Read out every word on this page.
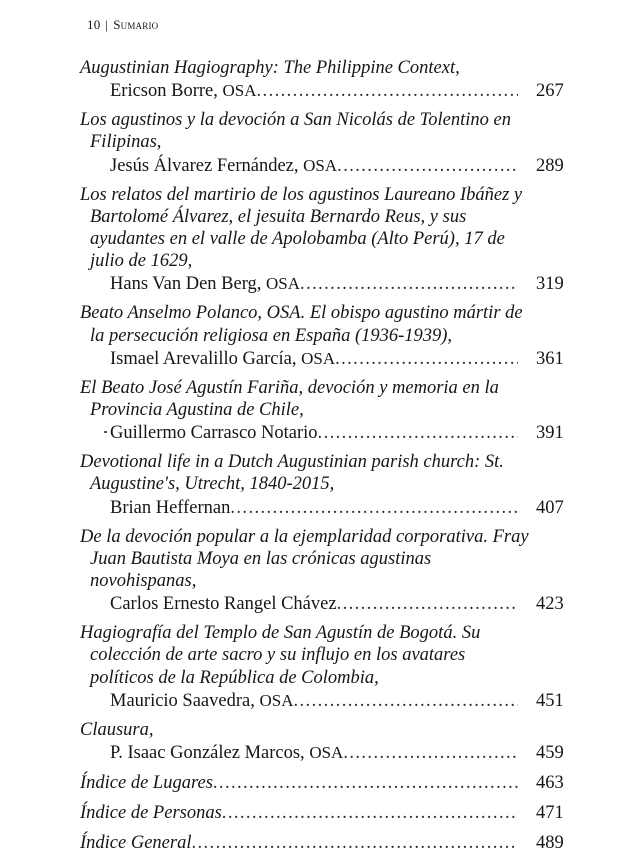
10 | Sumario
Augustinian Hagiography: The Philippine Context,
Ericson Borre, OSA .....	267
Los agustinos y la devoción a San Nicolás de Tolentino en Filipinas,
Jesús Álvarez Fernández, OSA .....	289
Los relatos del martirio de los agustinos Laureano Ibáñez y Bartolomé Álvarez, el jesuita Bernardo Reus, y sus ayudantes en el valle de Apolobamba (Alto Perú), 17 de julio de 1629,
Hans Van Den Berg, OSA .....	319
Beato Anselmo Polanco, OSA. El obispo agustino mártir de la persecución religiosa en España (1936-1939),
Ismael Arevalillo García, OSA .....	361
El Beato José Agustín Fariña, devoción y memoria en la Provincia Agustina de Chile,
Guillermo Carrasco Notario .....	391
Devotional life in a Dutch Augustinian parish church: St. Augustine's, Utrecht, 1840-2015,
Brian Heffernan .....	407
De la devoción popular a la ejemplaridad corporativa. Fray Juan Bautista Moya en las crónicas agustinas novohispanas,
Carlos Ernesto Rangel Chávez .....	423
Hagiografía del Templo de San Agustín de Bogotá. Su colección de arte sacro y su influjo en los avatares políticos de la República de Colombia,
Mauricio Saavedra, OSA .....	451
Clausura,
P. Isaac González Marcos, OSA .....	459
Índice de Lugares .....	463
Índice de Personas .....	471
Índice General .....	489
